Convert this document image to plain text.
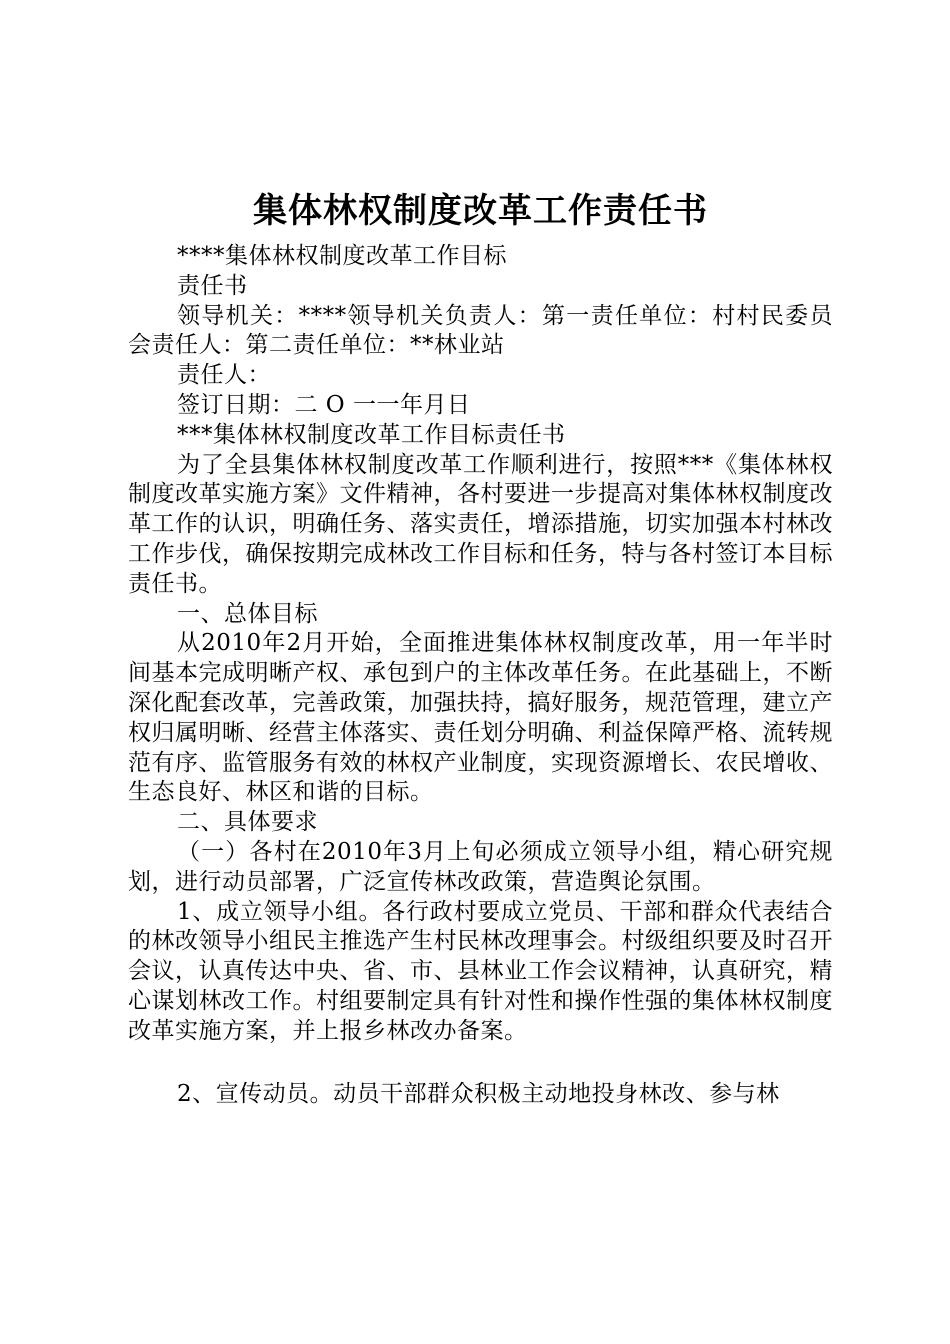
集体林权制度改革工作责任书

****集体林权制度改革工作目标

责任书

领导机关：****领导机关负责人：第一责任单位：村村民委员会责任人：第二责任单位：**林业站

责任人：

签订日期：二 O 一一年月日

***集体林权制度改革工作目标责任书

为了全县集体林权制度改革工作顺利进行，按照***《集体林权制度改革实施方案》文件精神，各村要进一步提高对集体林权制度改革工作的认识，明确任务、落实责任，增添措施，切实加强本村林改工作步伐，确保按期完成林改工作目标和任务，特与各村签订本目标责任书。

一、总体目标

从2010年2月开始，全面推进集体林权制度改革，用一年半时间基本完成明晰产权、承包到户的主体改革任务。在此基础上，不断深化配套改革，完善政策，加强扶持，搞好服务，规范管理，建立产权归属明晰、经营主体落实、责任划分明确、利益保障严格、流转规范有序、监管服务有效的林权产业制度，实现资源增长、农民增收、生态良好、林区和谐的目标。

二、具体要求

（一）各村在2010年3月上旬必须成立领导小组，精心研究规划，进行动员部署，广泛宣传林改政策，营造舆论氛围。

1、成立领导小组。各行政村要成立党员、干部和群众代表结合的林改领导小组民主推选产生村民林改理事会。村级组织要及时召开会议，认真传达中央、省、市、县林业工作会议精神，认真研究，精心谋划林改工作。村组要制定具有针对性和操作性强的集体林权制度改革实施方案，并上报乡林改办备案。

2、宣传动员。动员干部群众积极主动地投身林改、参与林
